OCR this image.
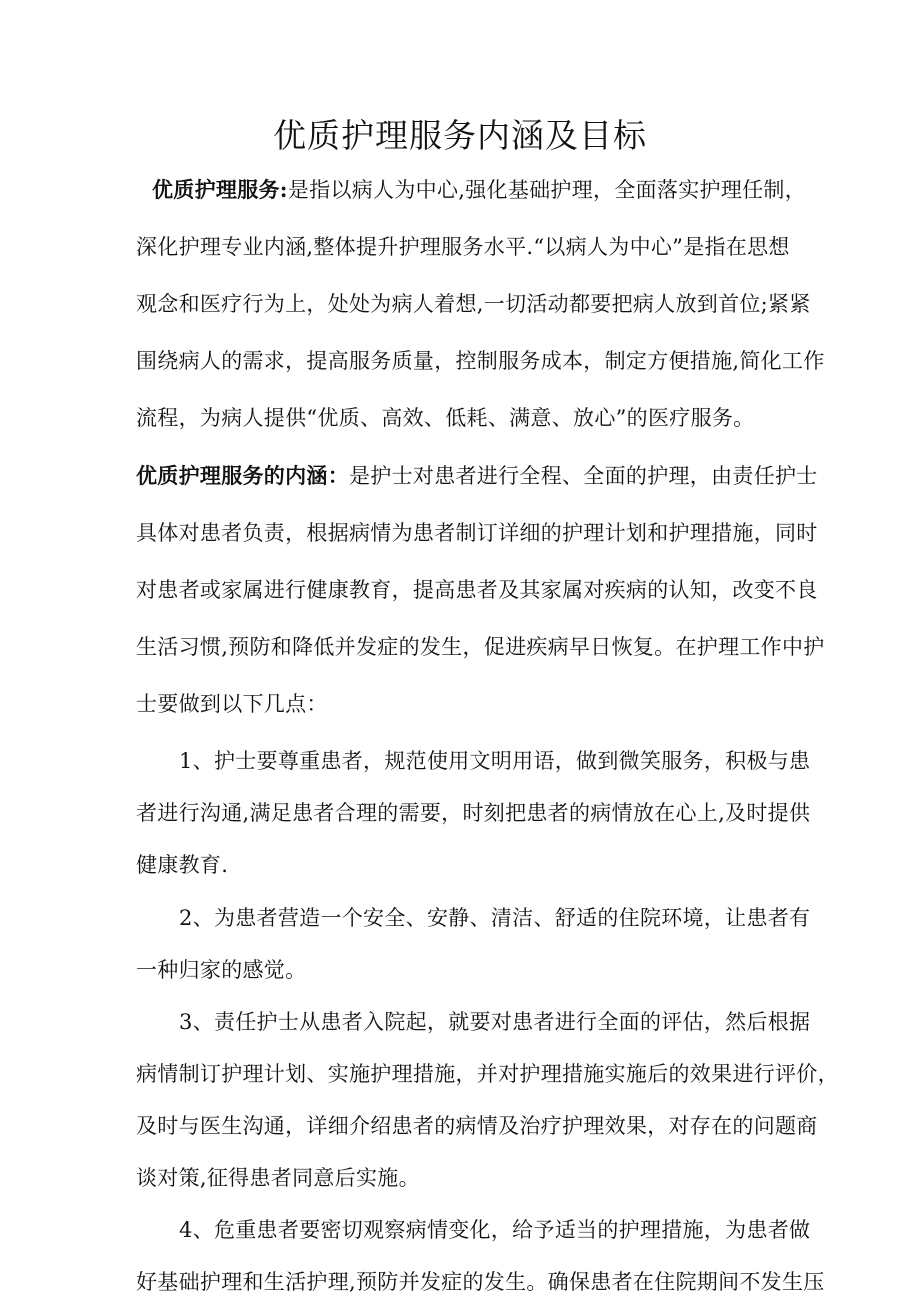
优质护理服务内涵及目标
优质护理服务:是指以病人为中心,强化基础护理，全面落实护理任制，
深化护理专业内涵,整体提升护理服务水平.“以病人为中心”是指在思想
观念和医疗行为上，处处为病人着想,一切活动都要把病人放到首位;紧紧
围绕病人的需求，提高服务质量，控制服务成本，制定方便措施,简化工作
流程，为病人提供“优质、高效、低耗、满意、放心”的医疗服务。
优质护理服务的内涵：是护士对患者进行全程、全面的护理，由责任护士
具体对患者负责，根据病情为患者制订详细的护理计划和护理措施，同时
对患者或家属进行健康教育，提高患者及其家属对疾病的认知，改变不良
生活习惯,预防和降低并发症的发生，促进疾病早日恢复。在护理工作中护
士要做到以下几点：
1、护士要尊重患者，规范使用文明用语，做到微笑服务，积极与患
者进行沟通,满足患者合理的需要，时刻把患者的病情放在心上,及时提供
健康教育.
2、为患者营造一个安全、安静、清洁、舒适的住院环境，让患者有
一种归家的感觉。
3、责任护士从患者入院起，就要对患者进行全面的评估，然后根据
病情制订护理计划、实施护理措施，并对护理措施实施后的效果进行评价，
及时与医生沟通，详细介绍患者的病情及治疗护理效果，对存在的问题商
谈对策,征得患者同意后实施。
4、危重患者要密切观察病情变化，给予适当的护理措施，为患者做
好基础护理和生活护理,预防并发症的发生。确保患者在住院期间不发生压
